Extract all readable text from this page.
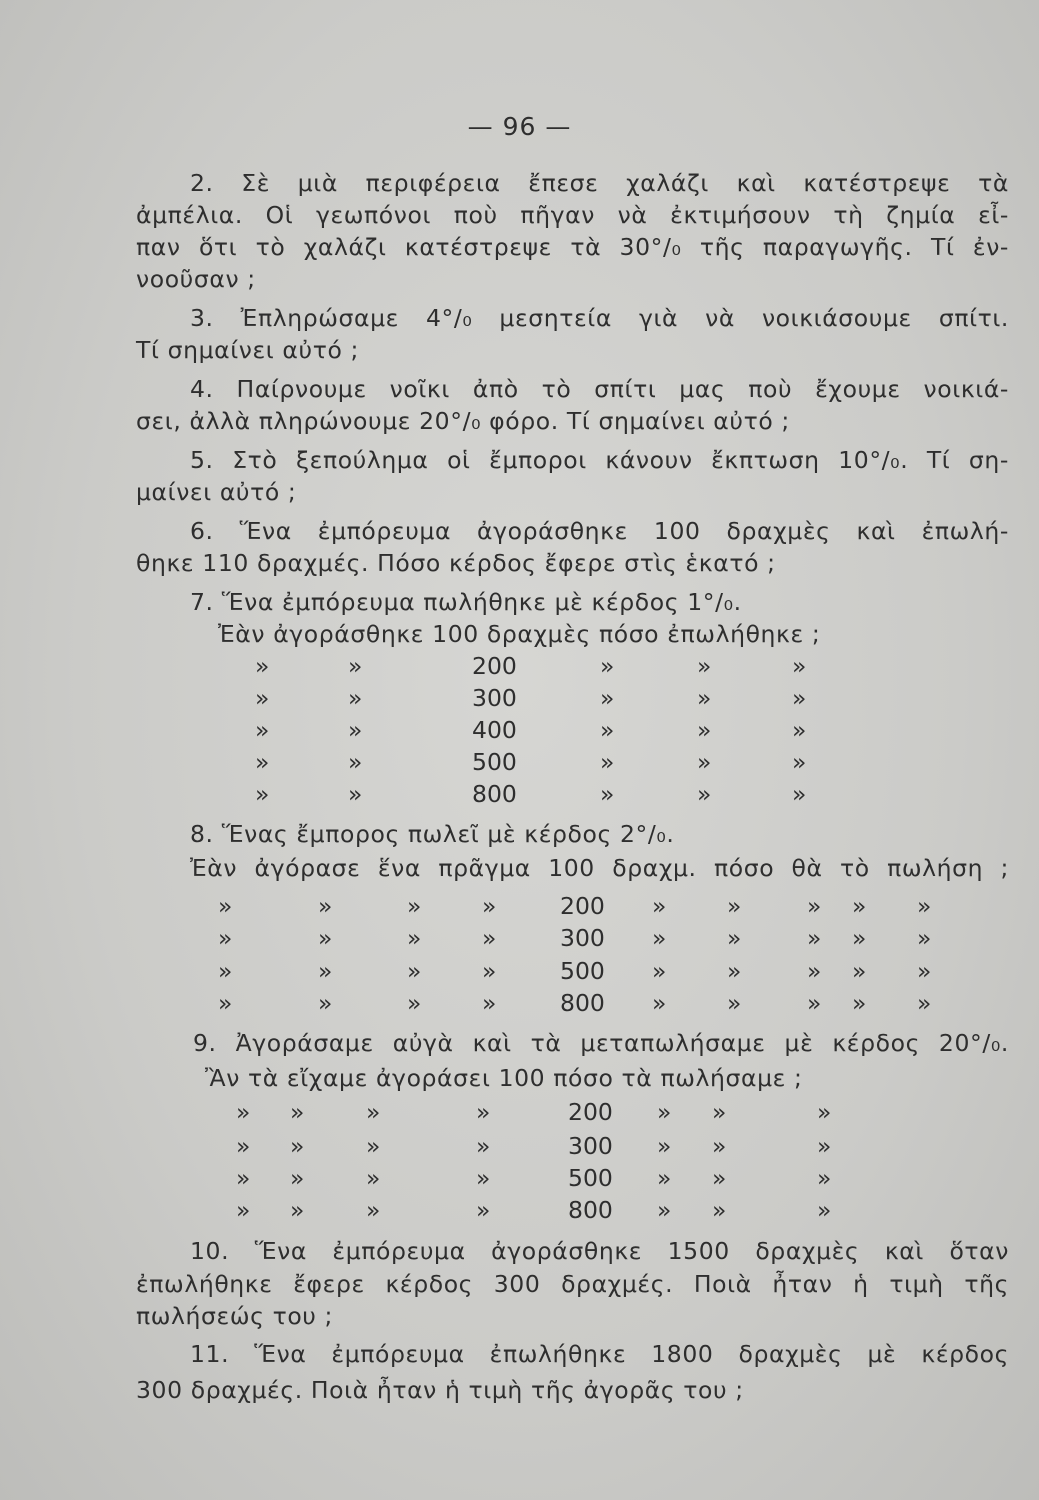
— 96 —
2. Σὲ μιὰ περιφέρεια ἔπεσε χαλάζι καὶ κατέστρεψε τὰ
ἀμπέλια. Οἱ γεωπόνοι ποὺ πῆγαν νὰ ἐκτιμήσουν τὴ ζημία εἶ-
παν ὅτι τὸ χαλάζι κατέστρεψε τὰ 30°/₀ τῆς παραγωγῆς. Τί ἐν-
νοοῦσαν ;
3. Ἐπληρώσαμε 4°/₀ μεσητεία γιὰ νὰ νοικιάσουμε σπίτι.
Τί σημαίνει αὐτό ;
4. Παίρνουμε νοῖκι ἀπὸ τὸ σπίτι μας ποὺ ἔχουμε νοικιά-
σει, ἀλλὰ πληρώνουμε 20°/₀ φόρο. Τί σημαίνει αὐτό ;
5. Στὸ ξεπούλημα οἱ ἔμποροι κάνουν ἔκπτωση 10°/₀. Τί ση-
μαίνει αὐτό ;
6. Ἕνα ἐμπόρευμα ἀγοράσθηκε 100 δραχμὲς καὶ ἐπωλή-
θηκε 110 δραχμές. Πόσο κέρδος ἔφερε στὶς ἑκατό ;
7. Ἕνα ἐμπόρευμα πωλήθηκε μὲ κέρδος 1°/₀.
Ἐὰν ἀγοράσθηκε 100 δραχμὲς πόσο ἐπωλήθηκε ;
»	»	200	»	»	»
»	»	300	»	»	»
»	»	400	»	»	»
»	»	500	»	»	»
»	»	800	»	»	»
8. Ἕνας ἔμπορος πωλεῖ μὲ κέρδος 2°/₀.
Ἐὰν ἀγόρασε ἕνα πρᾶγμα 100 δραχμ. πόσο θὰ τὸ πωλήση ;
»	»	»	»	200 »	»	» » »
»	»	»	»	300 »	»	» » »
»	»	»	»	500 »	»	» » »
»	»	»	»	800 »	»	» » »
9. Ἀγοράσαμε αὐγὰ καὶ τὰ μεταπωλήσαμε μὲ κέρδος 20°/₀.
Ἂν τὰ εἴχαμε ἀγοράσει 100 πόσο τὰ πωλήσαμε ;
» »	»	»	200 » »	»
» »	»	»	300 » »	»
» »	»	»	500 » »	»
» »	»	»	800 » »	»
10. Ἕνα ἐμπόρευμα ἀγοράσθηκε 1500 δραχμὲς καὶ ὅταν
ἐπωλήθηκε ἔφερε κέρδος 300 δραχμές. Ποιὰ ἦταν ἡ τιμὴ τῆς
πωλήσεώς του ;
11. Ἕνα ἐμπόρευμα ἐπωλήθηκε 1800 δραχμὲς μὲ κέρδος
300 δραχμές. Ποιὰ ἦταν ἡ τιμὴ τῆς ἀγορᾶς του ;
